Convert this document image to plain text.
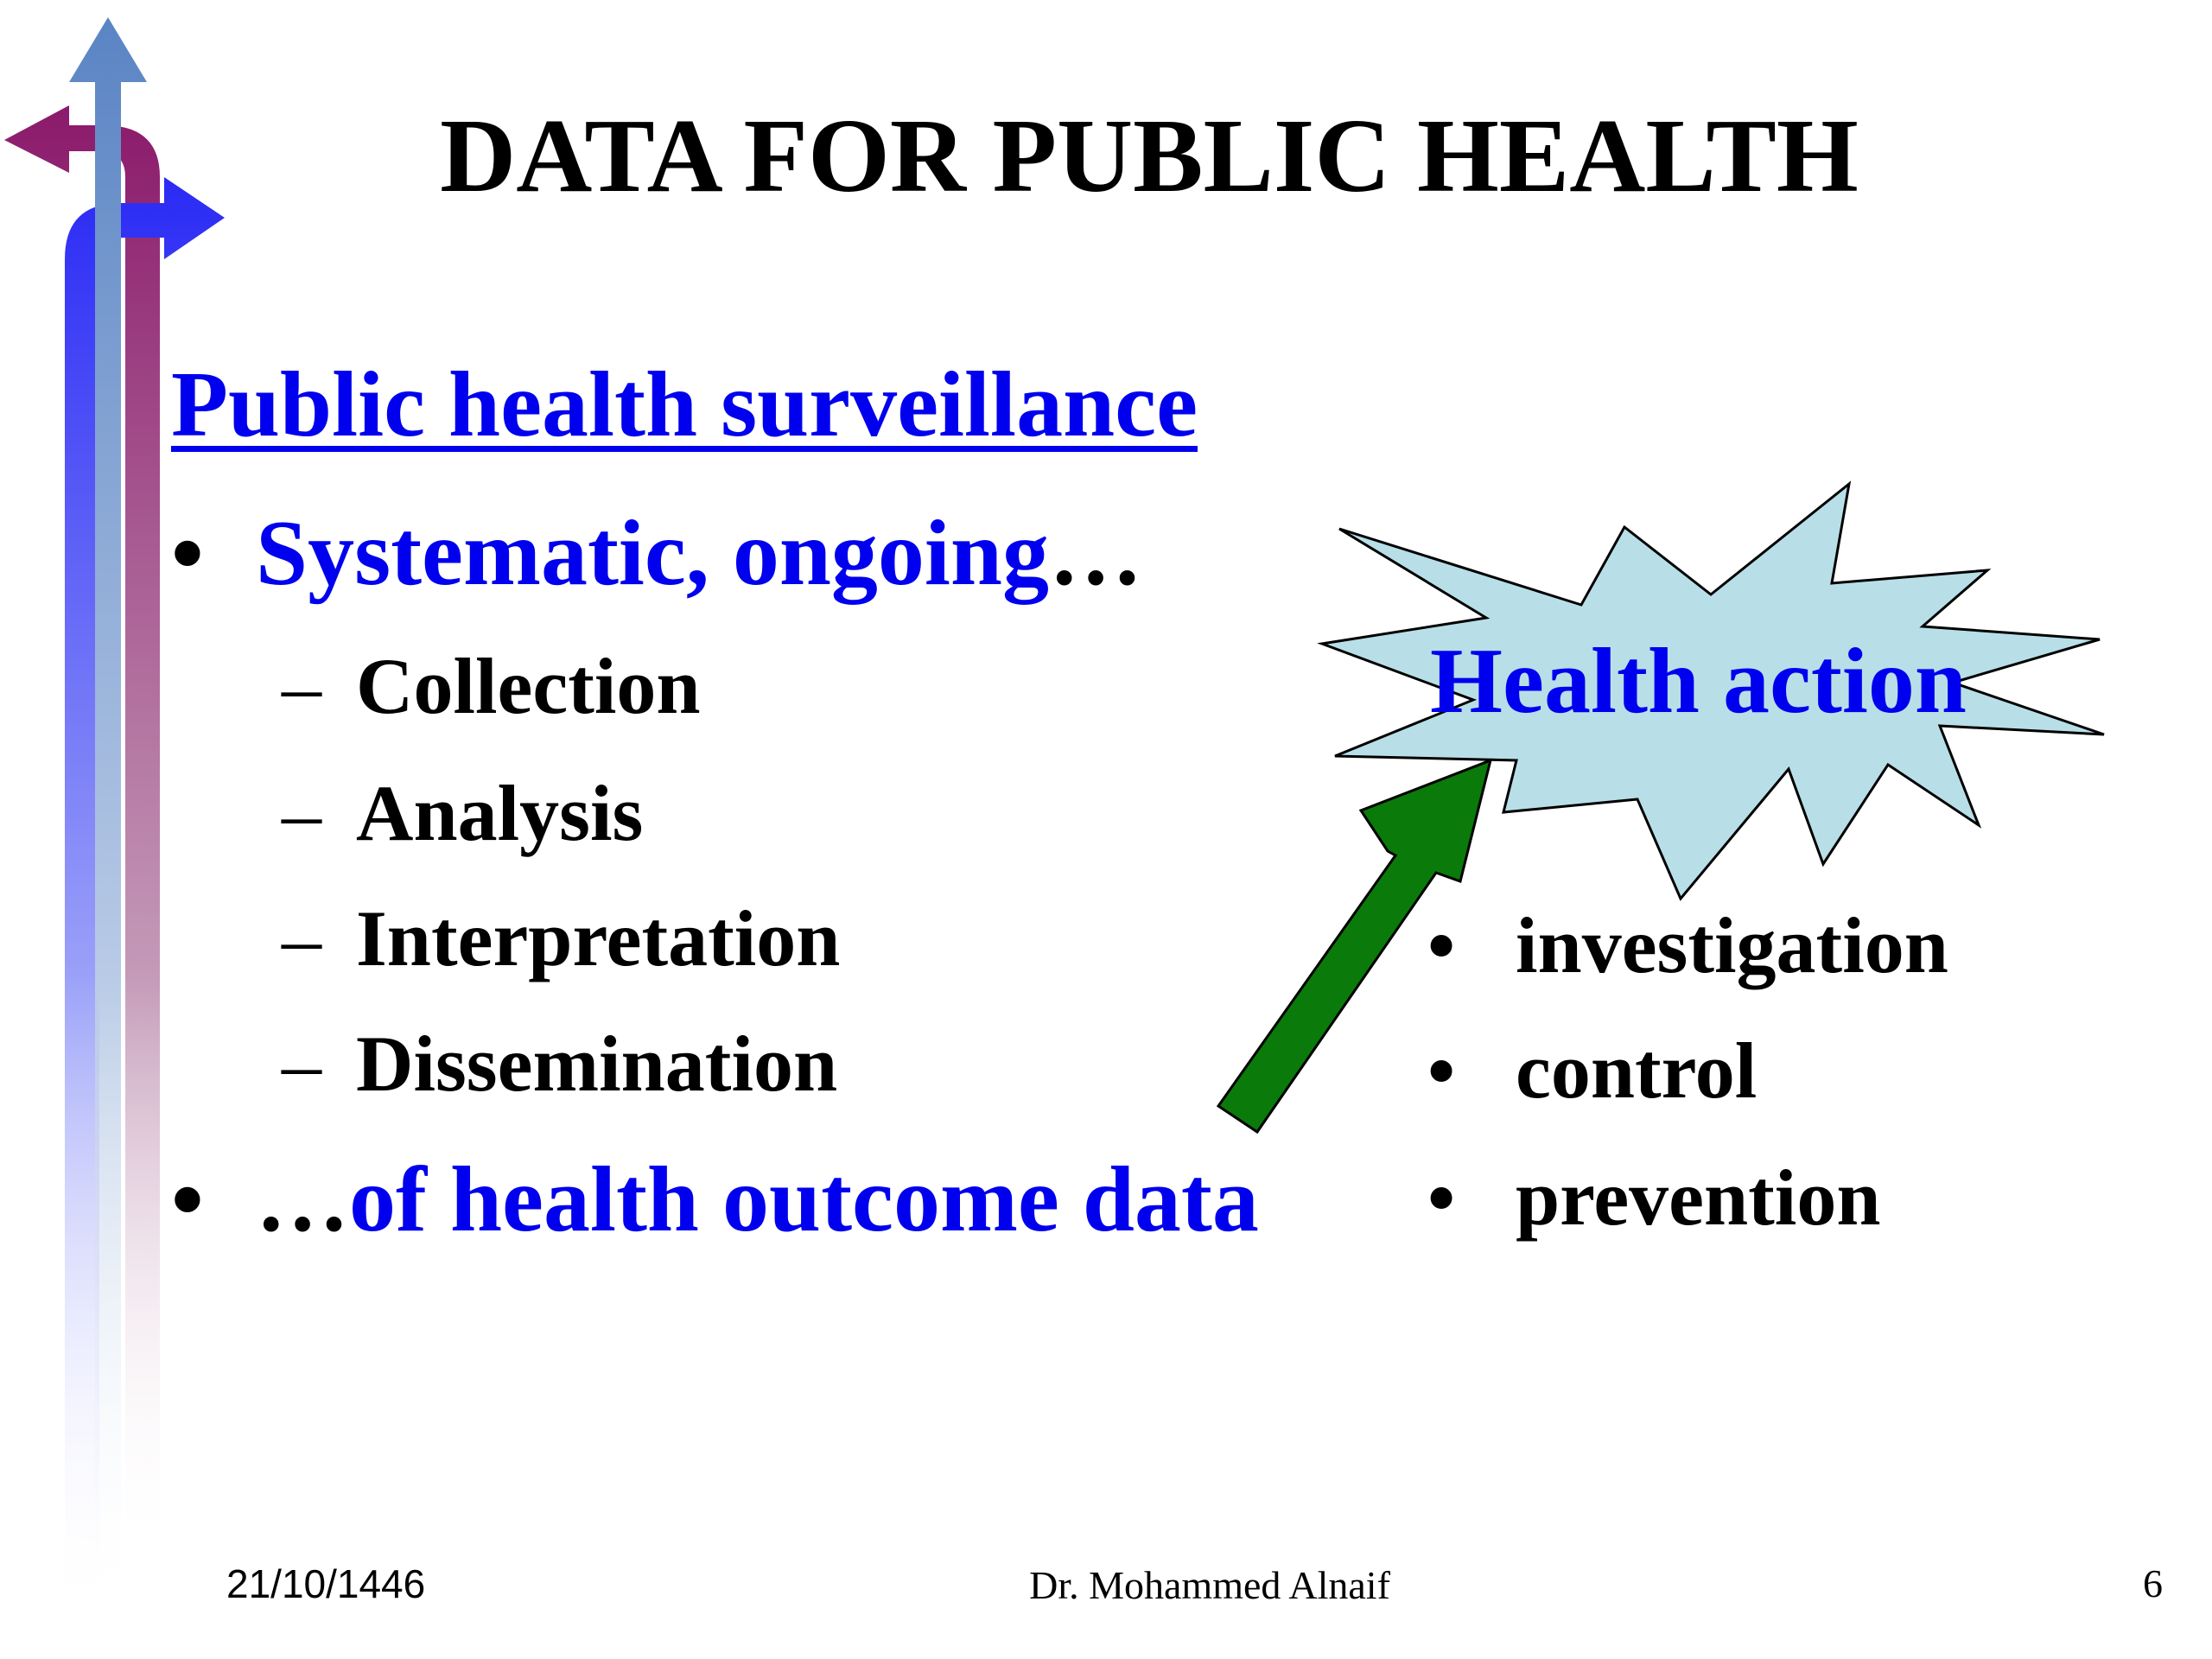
DATA FOR PUBLIC HEALTH
Public health surveillance
• Systematic, ongoing…
– Collection
– Analysis
– Interpretation
– Dissemination
• …of health outcome data
Health action
• investigation
• control
• prevention
21/10/1446	Dr. Mohammed Alnaif	6
